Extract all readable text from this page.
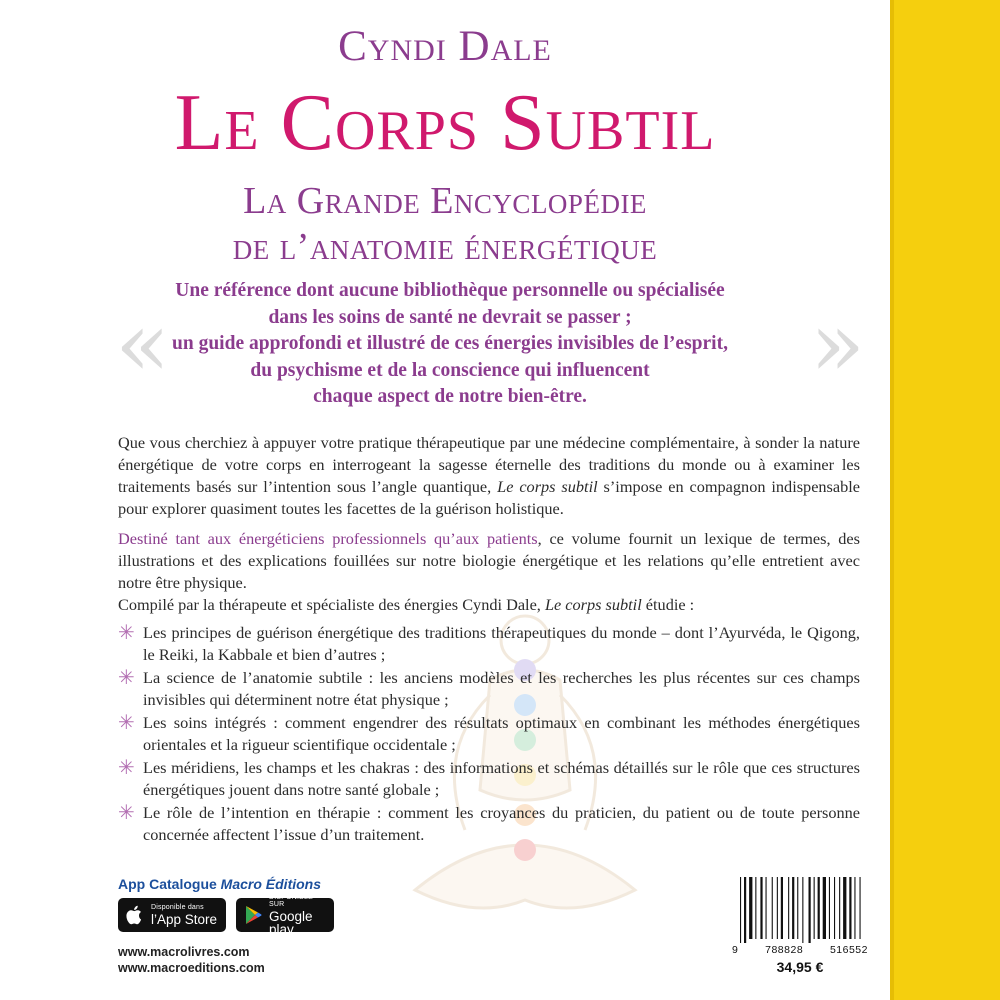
Cyndi Dale
Le Corps Subtil
La Grande Encyclopédie
de l’anatomie énergétique
«	»
Une référence dont aucune bibliothèque personnelle ou spécialisée
dans les soins de santé ne devrait se passer ;
un guide approfondi et illustré de ces énergies invisibles de l’esprit,
du psychisme et de la conscience qui influencent
chaque aspect de notre bien-être.

Que vous cherchiez à appuyer votre pratique thérapeutique par une médecine complémentaire, à sonder la nature énergétique de votre corps en interrogeant la sagesse éternelle des traditions du monde ou à examiner les traitements basés sur l’intention sous l’angle quantique, Le corps subtil s’impose en compagnon indispensable pour explorer quasiment toutes les facettes de la guérison holistique.

Destiné tant aux énergéticiens professionnels qu’aux patients, ce volume fournit un lexique de termes, des illustrations et des explications fouillées sur notre biologie énergétique et les relations qu’elle entretient avec notre être physique.

Compilé par la thérapeute et spécialiste des énergies Cyndi Dale, Le corps subtil étudie :

✳ Les principes de guérison énergétique des traditions thérapeutiques du monde – dont l’Ayurvéda, le Qigong, le Reiki, la Kabbale et bien d’autres ;
✳ La science de l’anatomie subtile : les anciens modèles et les recherches les plus récentes sur ces champs invisibles qui déterminent notre état physique ;
✳ Les soins intégrés : comment engendrer des résultats optimaux en combinant les méthodes énergétiques orientales et la rigueur scientifique occidentale ;
✳ Les méridiens, les champs et les chakras : des informations et schémas détaillés sur le rôle que ces structures énergétiques jouent dans notre santé globale ;
✳ Le rôle de l’intention en thérapie : comment les croyances du praticien, du patient ou de toute personne concernée affectent l’issue d’un traitement.
App Catalogue Macro Éditions
Disponible dans
l’App Store
DISPONIBLE SUR
Google play
www.macrolivres.com
www.macroeditions.com
9	788828	516552
34,95 €
